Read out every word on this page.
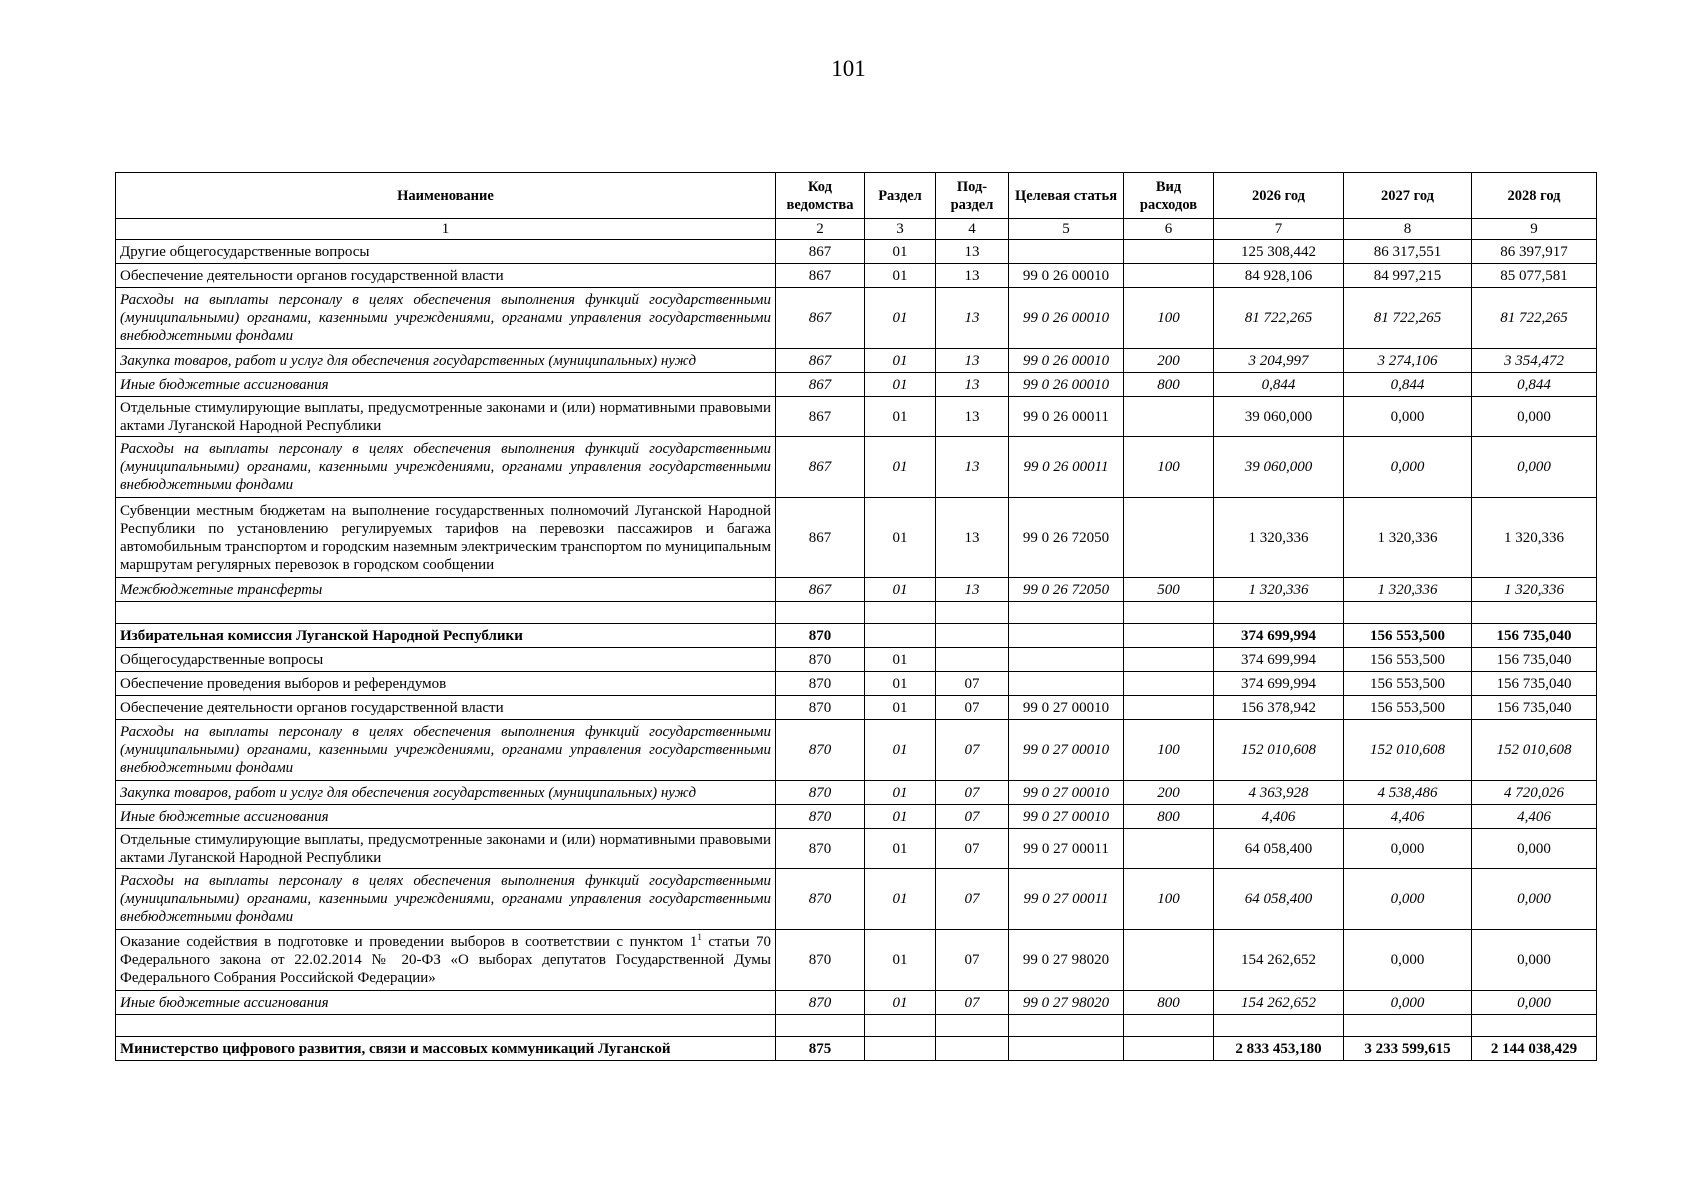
101
Наименование	Код ведомства	Раздел	Под-раздел	Целевая статья	Вид расходов	2026 год	2027 год	2028 год
1	2	3	4	5	6	7	8	9
Другие общегосударственные вопросы	867	01	13			125 308,442	86 317,551	86 397,917
Обеспечение деятельности органов государственной власти	867	01	13	99 0 26 00010		84 928,106	84 997,215	85 077,581
Расходы на выплаты персоналу в целях обеспечения выполнения функций государственными (муниципальными) органами, казенными учреждениями, органами управления государственными внебюджетными фондами	867	01	13	99 0 26 00010	100	81 722,265	81 722,265	81 722,265
Закупка товаров, работ и услуг для обеспечения государственных (муниципальных) нужд	867	01	13	99 0 26 00010	200	3 204,997	3 274,106	3 354,472
Иные бюджетные ассигнования	867	01	13	99 0 26 00010	800	0,844	0,844	0,844
Отдельные стимулирующие выплаты, предусмотренные законами и (или) нормативными правовыми актами Луганской Народной Республики	867	01	13	99 0 26 00011		39 060,000	0,000	0,000
Расходы на выплаты персоналу в целях обеспечения выполнения функций государственными (муниципальными) органами, казенными учреждениями, органами управления государственными внебюджетными фондами	867	01	13	99 0 26 00011	100	39 060,000	0,000	0,000
Субвенции местным бюджетам на выполнение государственных полномочий Луганской Народной Республики по установлению регулируемых тарифов на перевозки пассажиров и багажа автомобильным транспортом и городским наземным электрическим транспортом по муниципальным маршрутам регулярных перевозок в городском сообщении	867	01	13	99 0 26 72050		1 320,336	1 320,336	1 320,336
Межбюджетные трансферты	867	01	13	99 0 26 72050	500	1 320,336	1 320,336	1 320,336

Избирательная комиссия Луганской Народной Республики	870					374 699,994	156 553,500	156 735,040
Общегосударственные вопросы	870	01				374 699,994	156 553,500	156 735,040
Обеспечение проведения выборов и референдумов	870	01	07			374 699,994	156 553,500	156 735,040
Обеспечение деятельности органов государственной власти	870	01	07	99 0 27 00010		156 378,942	156 553,500	156 735,040
Расходы на выплаты персоналу в целях обеспечения выполнения функций государственными (муниципальными) органами, казенными учреждениями, органами управления государственными внебюджетными фондами	870	01	07	99 0 27 00010	100	152 010,608	152 010,608	152 010,608
Закупка товаров, работ и услуг для обеспечения государственных (муниципальных) нужд	870	01	07	99 0 27 00010	200	4 363,928	4 538,486	4 720,026
Иные бюджетные ассигнования	870	01	07	99 0 27 00010	800	4,406	4,406	4,406
Отдельные стимулирующие выплаты, предусмотренные законами и (или) нормативными правовыми актами Луганской Народной Республики	870	01	07	99 0 27 00011		64 058,400	0,000	0,000
Расходы на выплаты персоналу в целях обеспечения выполнения функций государственными (муниципальными) органами, казенными учреждениями, органами управления государственными внебюджетными фондами	870	01	07	99 0 27 00011	100	64 058,400	0,000	0,000
Оказание содействия в подготовке и проведении выборов в соответствии с пунктом $1^1$ статьи 70 Федерального закона от 22.02.2014 № 20-ФЗ «О выборах депутатов Государственной Думы Федерального Собрания Российской Федерации»	870	01	07	99 0 27 98020		154 262,652	0,000	0,000
Иные бюджетные ассигнования	870	01	07	99 0 27 98020	800	154 262,652	0,000	0,000

Министерство цифрового развития, связи и массовых коммуникаций Луганской	875					2 833 453,180	3 233 599,615	2 144 038,429
